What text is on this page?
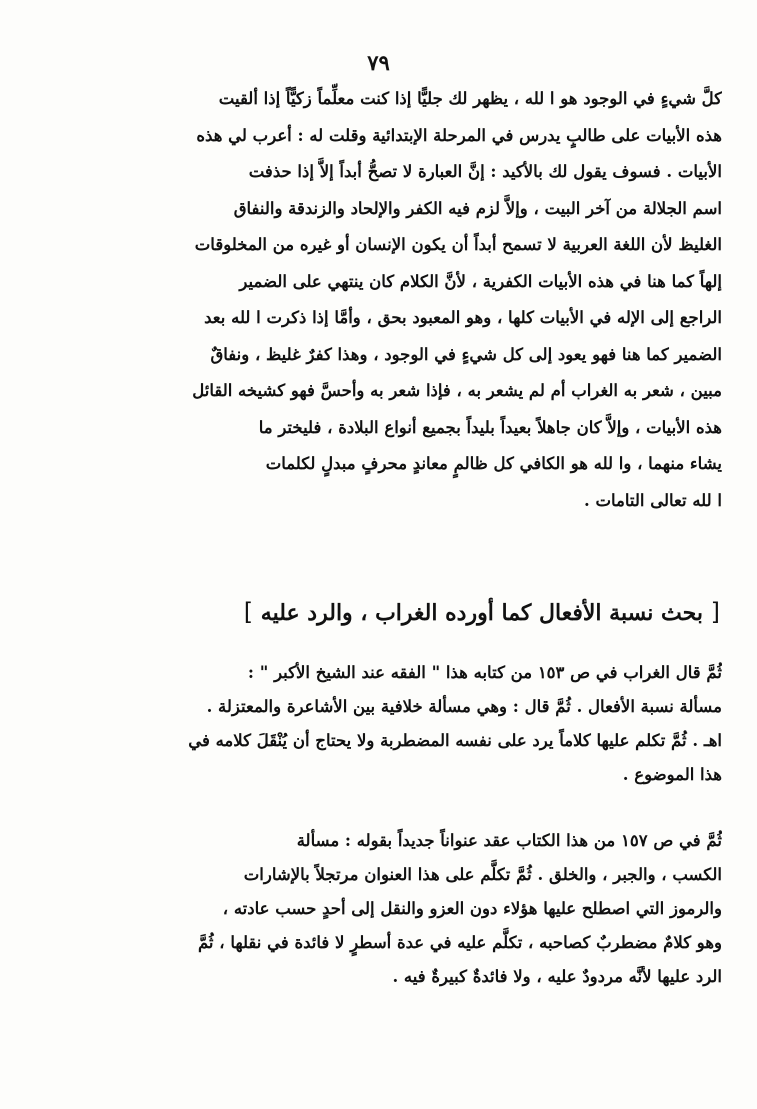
٧٩
كلَّ شيءٍ في الوجود هو ا لله ، يظهر لك جليًّا إذا كنت معلِّماً زكيًّاً إذا ألقيت
هذه الأبيات على طالبٍ يدرس في المرحلة الإبتدائية وقلت له : أعرب لي هذه
الأبيات . فسوف يقول لك بالأكيد : إنَّ العبارة لا تصحُّ أبداً إلاَّ إذا حذفت
اسم الجلالة من آخر البيت ، وإلاَّ لزم فيه الكفر والإلحاد والزندقة والنفاق
الغليظ لأن اللغة العربية لا تسمح أبداً أن يكون الإنسان أو غيره من المخلوقات
إلهاً كما هنا في هذه الأبيات الكفرية ، لأنَّ الكلام كان ينتهي على الضمير
الراجع إلى الإله في الأبيات كلها ، وهو المعبود بحق ، وأمَّا إذا ذكرت ا لله بعد
الضمير كما هنا فهو يعود إلى كل شيءٍ في الوجود ، وهذا كفرٌ غليظ ، ونفاقٌ
مبين ، شعر به الغراب أم لم يشعر به ، فإذا شعر به وأحسَّ فهو كشيخه القائل
هذه الأبيات ، وإلاَّ كان جاهلاً بعيداً بليداً بجميع أنواع البلادة ، فليختر ما
يشاء منهما ، وا لله هو الكافي كل ظالمٍ معاندٍ محرفٍ مبدلٍ لكلمات
ا لله تعالى التامات .
[ بحث نسبة الأفعال كما أورده الغراب ، والرد عليه ]
ثُمَّ قال الغراب في ص ١٥٣ من كتابه هذا " الفقه عند الشيخ الأكبر " :
مسألة نسبة الأفعال . ثُمَّ قال : وهي مسألة خلافية بين الأشاعرة والمعتزلة .
اهـ . ثُمَّ تكلم عليها كلاماً يرد على نفسه المضطربة ولا يحتاج أن يُنْقَلَ كلامه في
هذا الموضوع .
ثُمَّ في ص ١٥٧ من هذا الكتاب عقد عنواناً جديداً بقوله : مسألة
الكسب ، والجبر ، والخلق . ثُمَّ تكلَّم على هذا العنوان مرتجلاً بالإشارات
والرموز التي اصطلح عليها هؤلاء دون العزو والنقل إلى أحدٍ حسب عادته ،
وهو كلامٌ مضطربٌ كصاحبه ، تكلَّم عليه في عدة أسطرٍ لا فائدة في نقلها ، ثُمَّ
الرد عليها لأنَّه مردودٌ عليه ، ولا فائدةٌ كبيرةٌ فيه .
